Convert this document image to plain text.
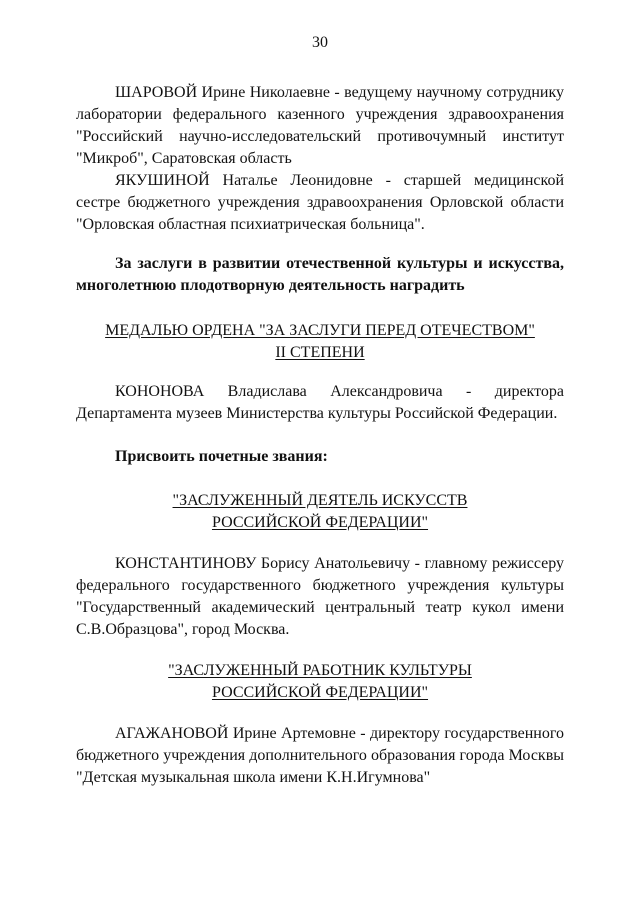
30

ШАРОВОЙ Ирине Николаевне - ведущему научному сотруднику лаборатории федерального казенного учреждения здравоохранения "Российский научно-исследовательский противочумный институт "Микроб", Саратовская область

ЯКУШИНОЙ Наталье Леонидовне - старшей медицинской сестре бюджетного учреждения здравоохранения Орловской области "Орловская областная психиатрическая больница".

За заслуги в развитии отечественной культуры и искусства, многолетнюю плодотворную деятельность наградить

МЕДАЛЬЮ ОРДЕНА "ЗА ЗАСЛУГИ ПЕРЕД ОТЕЧЕСТВОМ"
II СТЕПЕНИ

КОНОНОВА Владислава Александровича - директора Департамента музеев Министерства культуры Российской Федерации.

Присвоить почетные звания:

"ЗАСЛУЖЕННЫЙ ДЕЯТЕЛЬ ИСКУССТВ
РОССИЙСКОЙ ФЕДЕРАЦИИ"

КОНСТАНТИНОВУ Борису Анатольевичу - главному режиссеру федерального государственного бюджетного учреждения культуры "Государственный академический центральный театр кукол имени С.В.Образцова", город Москва.

"ЗАСЛУЖЕННЫЙ РАБОТНИК КУЛЬТУРЫ
РОССИЙСКОЙ ФЕДЕРАЦИИ"

АГАЖАНОВОЙ Ирине Артемовне - директору государственного бюджетного учреждения дополнительного образования города Москвы "Детская музыкальная школа имени К.Н.Игумнова"
